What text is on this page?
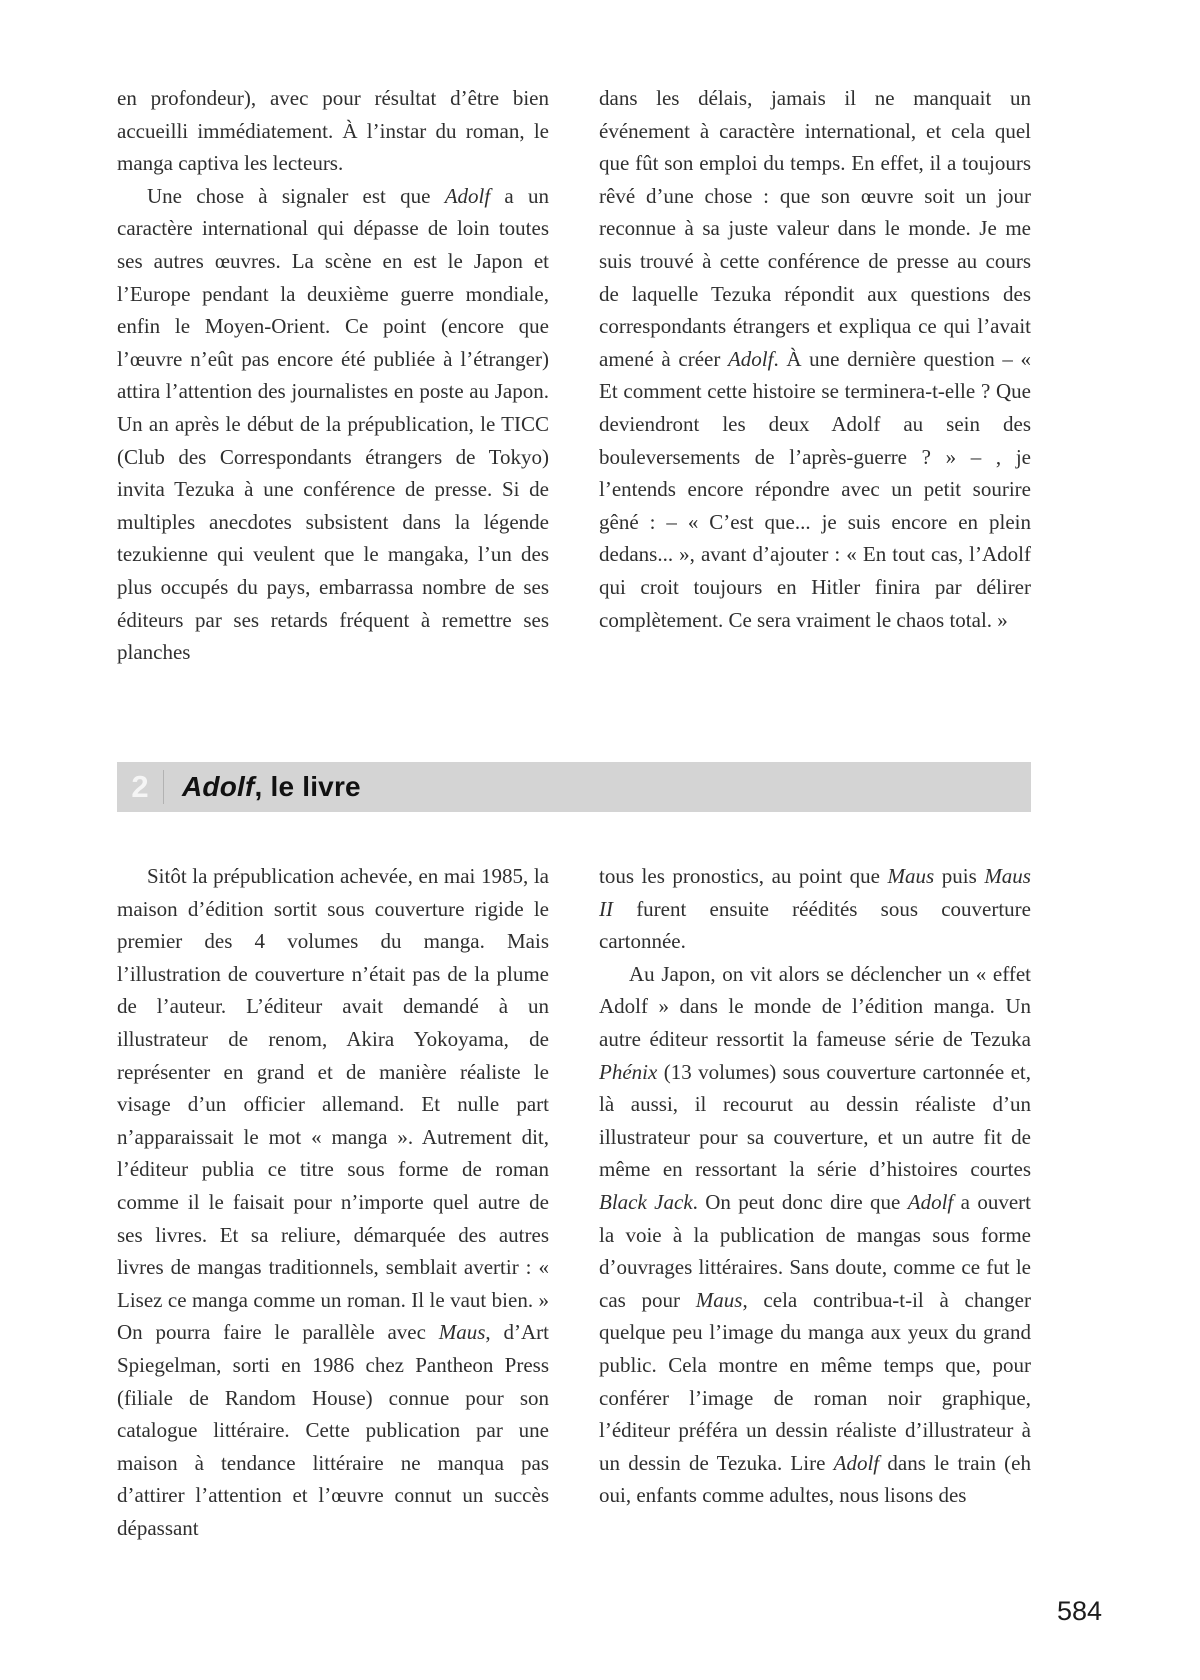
en profondeur), avec pour résultat d’être bien accueilli immédiatement. À l’instar du roman, le manga captiva les lecteurs.

Une chose à signaler est que Adolf a un caractère international qui dépasse de loin toutes ses autres œuvres. La scène en est le Japon et l’Europe pendant la deuxième guerre mondiale, enfin le Moyen-Orient. Ce point (encore que l’œuvre n’eût pas encore été publiée à l’étranger) attira l’attention des journalistes en poste au Japon. Un an après le début de la prépublication, le TICC (Club des Correspondants étrangers de Tokyo) invita Tezuka à une conférence de presse. Si de multiples anecdotes subsistent dans la légende tezukienne qui veulent que le mangaka, l’un des plus occupés du pays, embarrassa nombre de ses éditeurs par ses retards fréquent à remettre ses planches

dans les délais, jamais il ne manquait un événement à caractère international, et cela quel que fût son emploi du temps. En effet, il a toujours rêvé d’une chose : que son œuvre soit un jour reconnue à sa juste valeur dans le monde. Je me suis trouvé à cette conférence de presse au cours de laquelle Tezuka répondit aux questions des correspondants étrangers et expliqua ce qui l’avait amené à créer Adolf. À une dernière question – « Et comment cette histoire se terminera-t-elle ? Que deviendront les deux Adolf au sein des bouleversements de l’après-guerre ? » – , je l’entends encore répondre avec un petit sourire gêné : – « C’est que... je suis encore en plein dedans... », avant d’ajouter : « En tout cas, l’Adolf qui croit toujours en Hitler finira par délirer complètement. Ce sera vraiment le chaos total. »

2	Adolf, le livre

Sitôt la prépublication achevée, en mai 1985, la maison d’édition sortit sous couverture rigide le premier des 4 volumes du manga. Mais l’illustration de couverture n’était pas de la plume de l’auteur. L’éditeur avait demandé à un illustrateur de renom, Akira Yokoyama, de représenter en grand et de manière réaliste le visage d’un officier allemand. Et nulle part n’apparaissait le mot « manga ». Autrement dit, l’éditeur publia ce titre sous forme de roman comme il le faisait pour n’importe quel autre de ses livres. Et sa reliure, démarquée des autres livres de mangas traditionnels, semblait avertir : « Lisez ce manga comme un roman. Il le vaut bien. » On pourra faire le parallèle avec Maus, d’Art Spiegelman, sorti en 1986 chez Pantheon Press (filiale de Random House) connue pour son catalogue littéraire. Cette publication par une maison à tendance littéraire ne manqua pas d’attirer l’attention et l’œuvre connut un succès dépassant

tous les pronostics, au point que Maus puis Maus II furent ensuite réédités sous couverture cartonnée.

Au Japon, on vit alors se déclencher un « effet Adolf » dans le monde de l’édition manga. Un autre éditeur ressortit la fameuse série de Tezuka Phénix (13 volumes) sous couverture cartonnée et, là aussi, il recourut au dessin réaliste d’un illustrateur pour sa couverture, et un autre fit de même en ressortant la série d’histoires courtes Black Jack. On peut donc dire que Adolf a ouvert la voie à la publication de mangas sous forme d’ouvrages littéraires. Sans doute, comme ce fut le cas pour Maus, cela contribua-t-il à changer quelque peu l’image du manga aux yeux du grand public. Cela montre en même temps que, pour conférer l’image de roman noir graphique, l’éditeur préféra un dessin réaliste d’illustrateur à un dessin de Tezuka. Lire Adolf dans le train (eh oui, enfants comme adultes, nous lisons des

584
